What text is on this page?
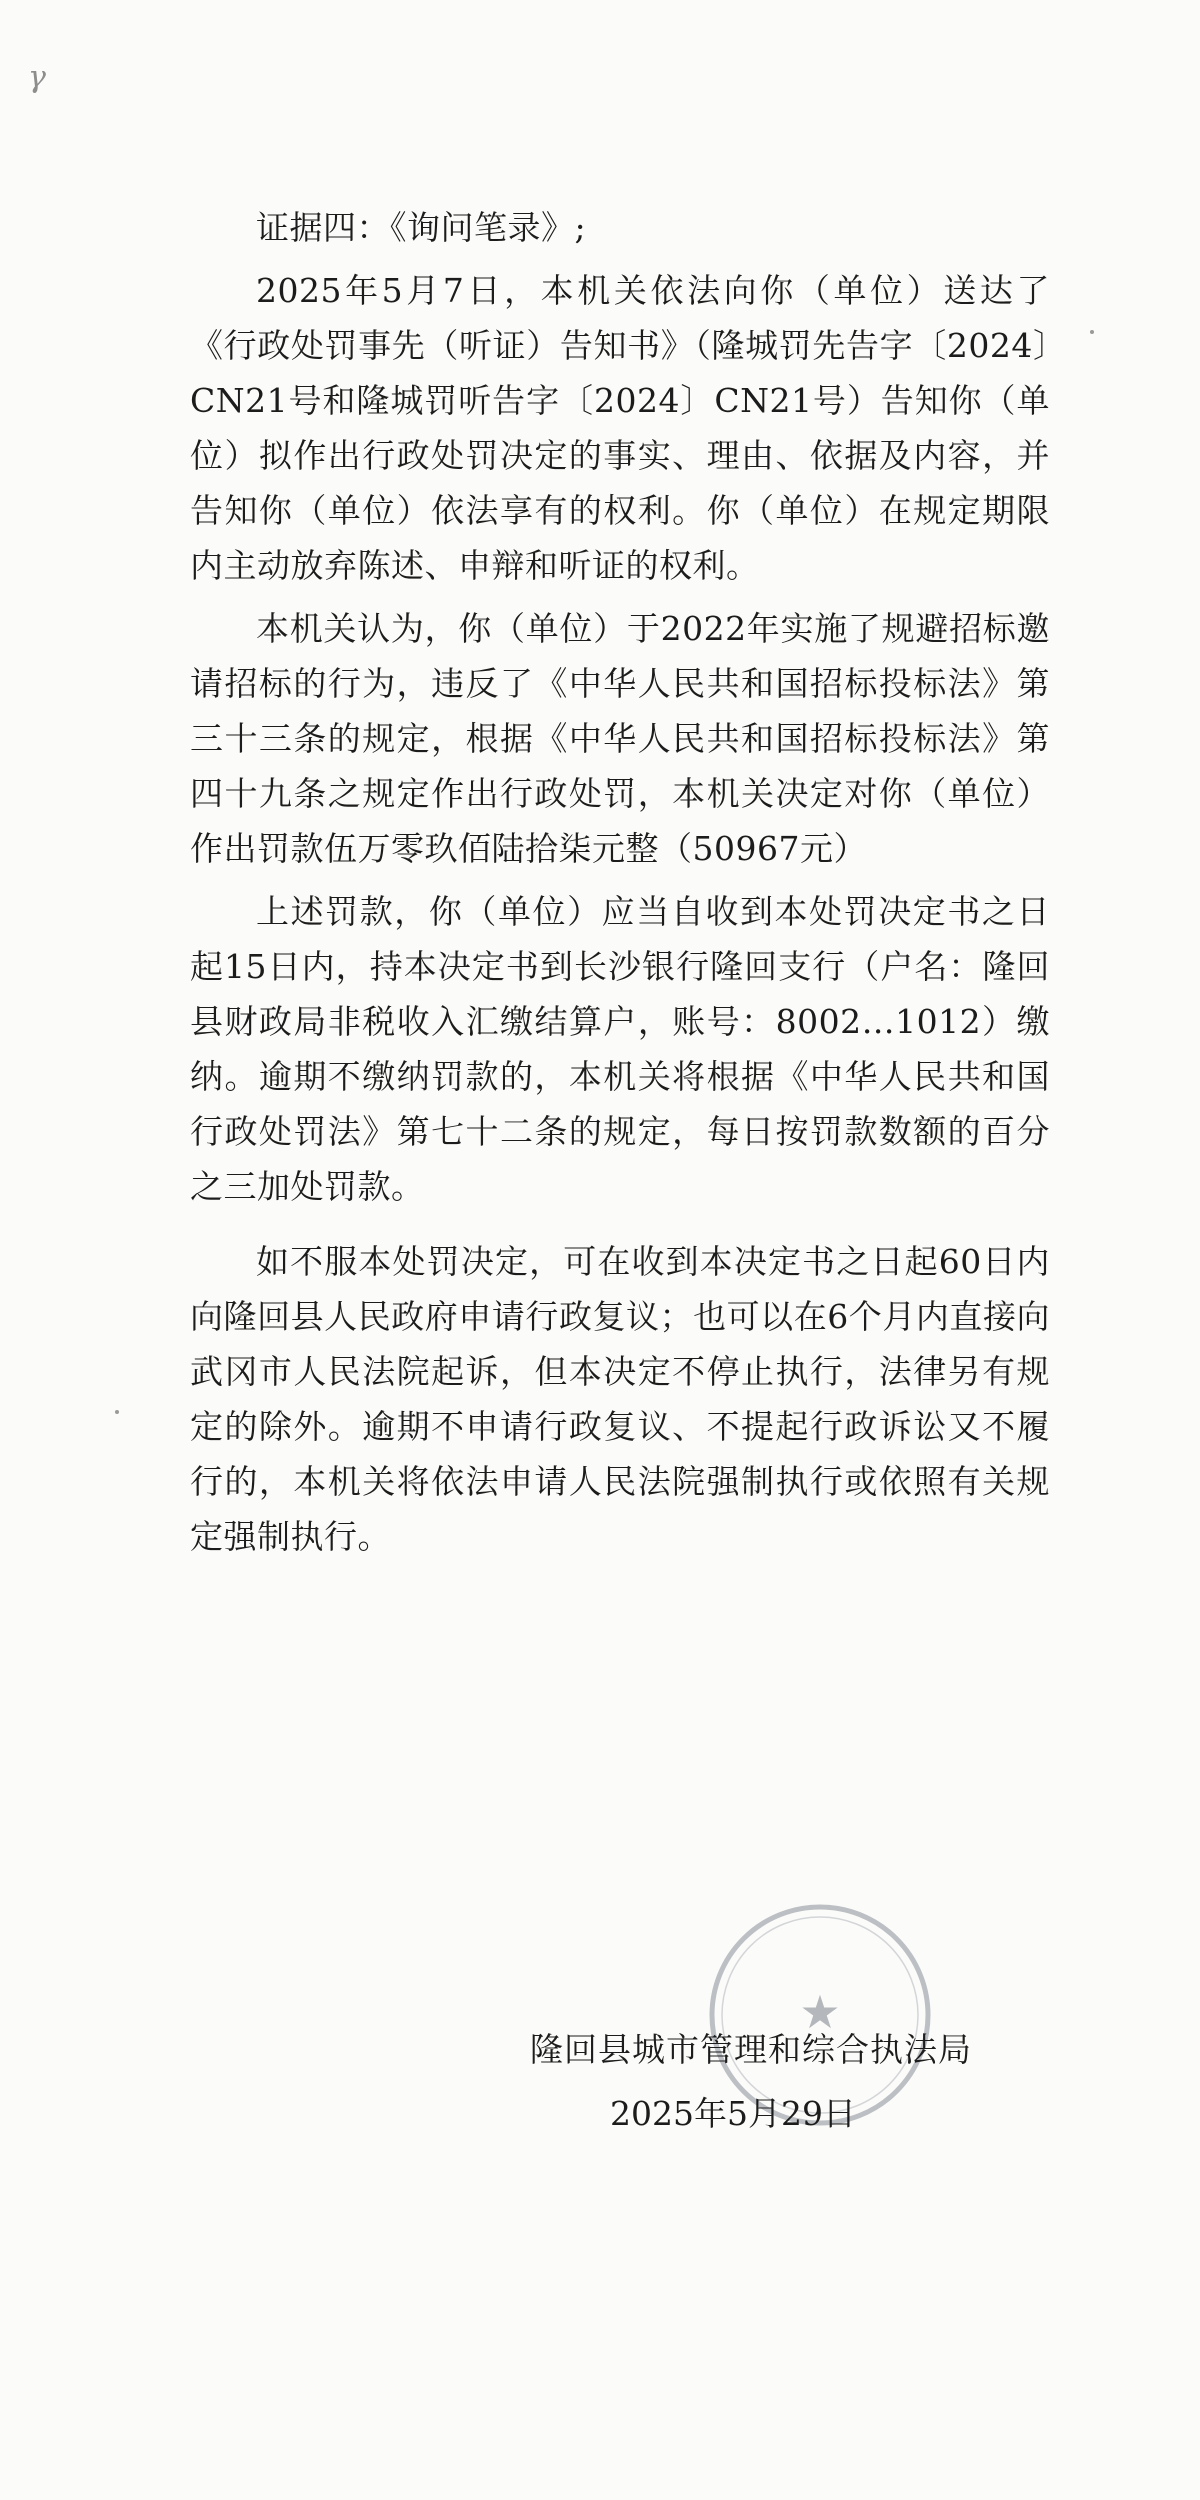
γ

证据四：《询问笔录》;

2025年5月7日，本机关依法向你（单位）送达了《行政处罚事先（听证）告知书》（隆城罚先告字〔2024〕CN21号和隆城罚听告字〔2024〕CN21号）告知你（单位）拟作出行政处罚决定的事实、理由、依据及内容，并告知你（单位）依法享有的权利。你（单位）在规定期限内主动放弃陈述、申辩和听证的权利。

本机关认为，你（单位）于2022年实施了规避招标邀请招标的行为，违反了《中华人民共和国招标投标法》第三十三条的规定，根据《中华人民共和国招标投标法》第四十九条之规定作出行政处罚，本机关决定对你（单位）作出罚款伍万零玖佰陆拾柒元整（50967元）

上述罚款，你（单位）应当自收到本处罚决定书之日起15日内，持本决定书到长沙银行隆回支行（户名：隆回县财政局非税收入汇缴结算户，账号：8002…1012）缴纳。逾期不缴纳罚款的，本机关将根据《中华人民共和国行政处罚法》第七十二条的规定，每日按罚款数额的百分之三加处罚款。

如不服本处罚决定，可在收到本决定书之日起60日内向隆回县人民政府申请行政复议；也可以在6个月内直接向武冈市人民法院起诉，但本决定不停止执行，法律另有规定的除外。逾期不申请行政复议、不提起行政诉讼又不履行的，本机关将依法申请人民法院强制执行或依照有关规定强制执行。

★
隆回县城市管理和综合执法局
2025年5月29日
